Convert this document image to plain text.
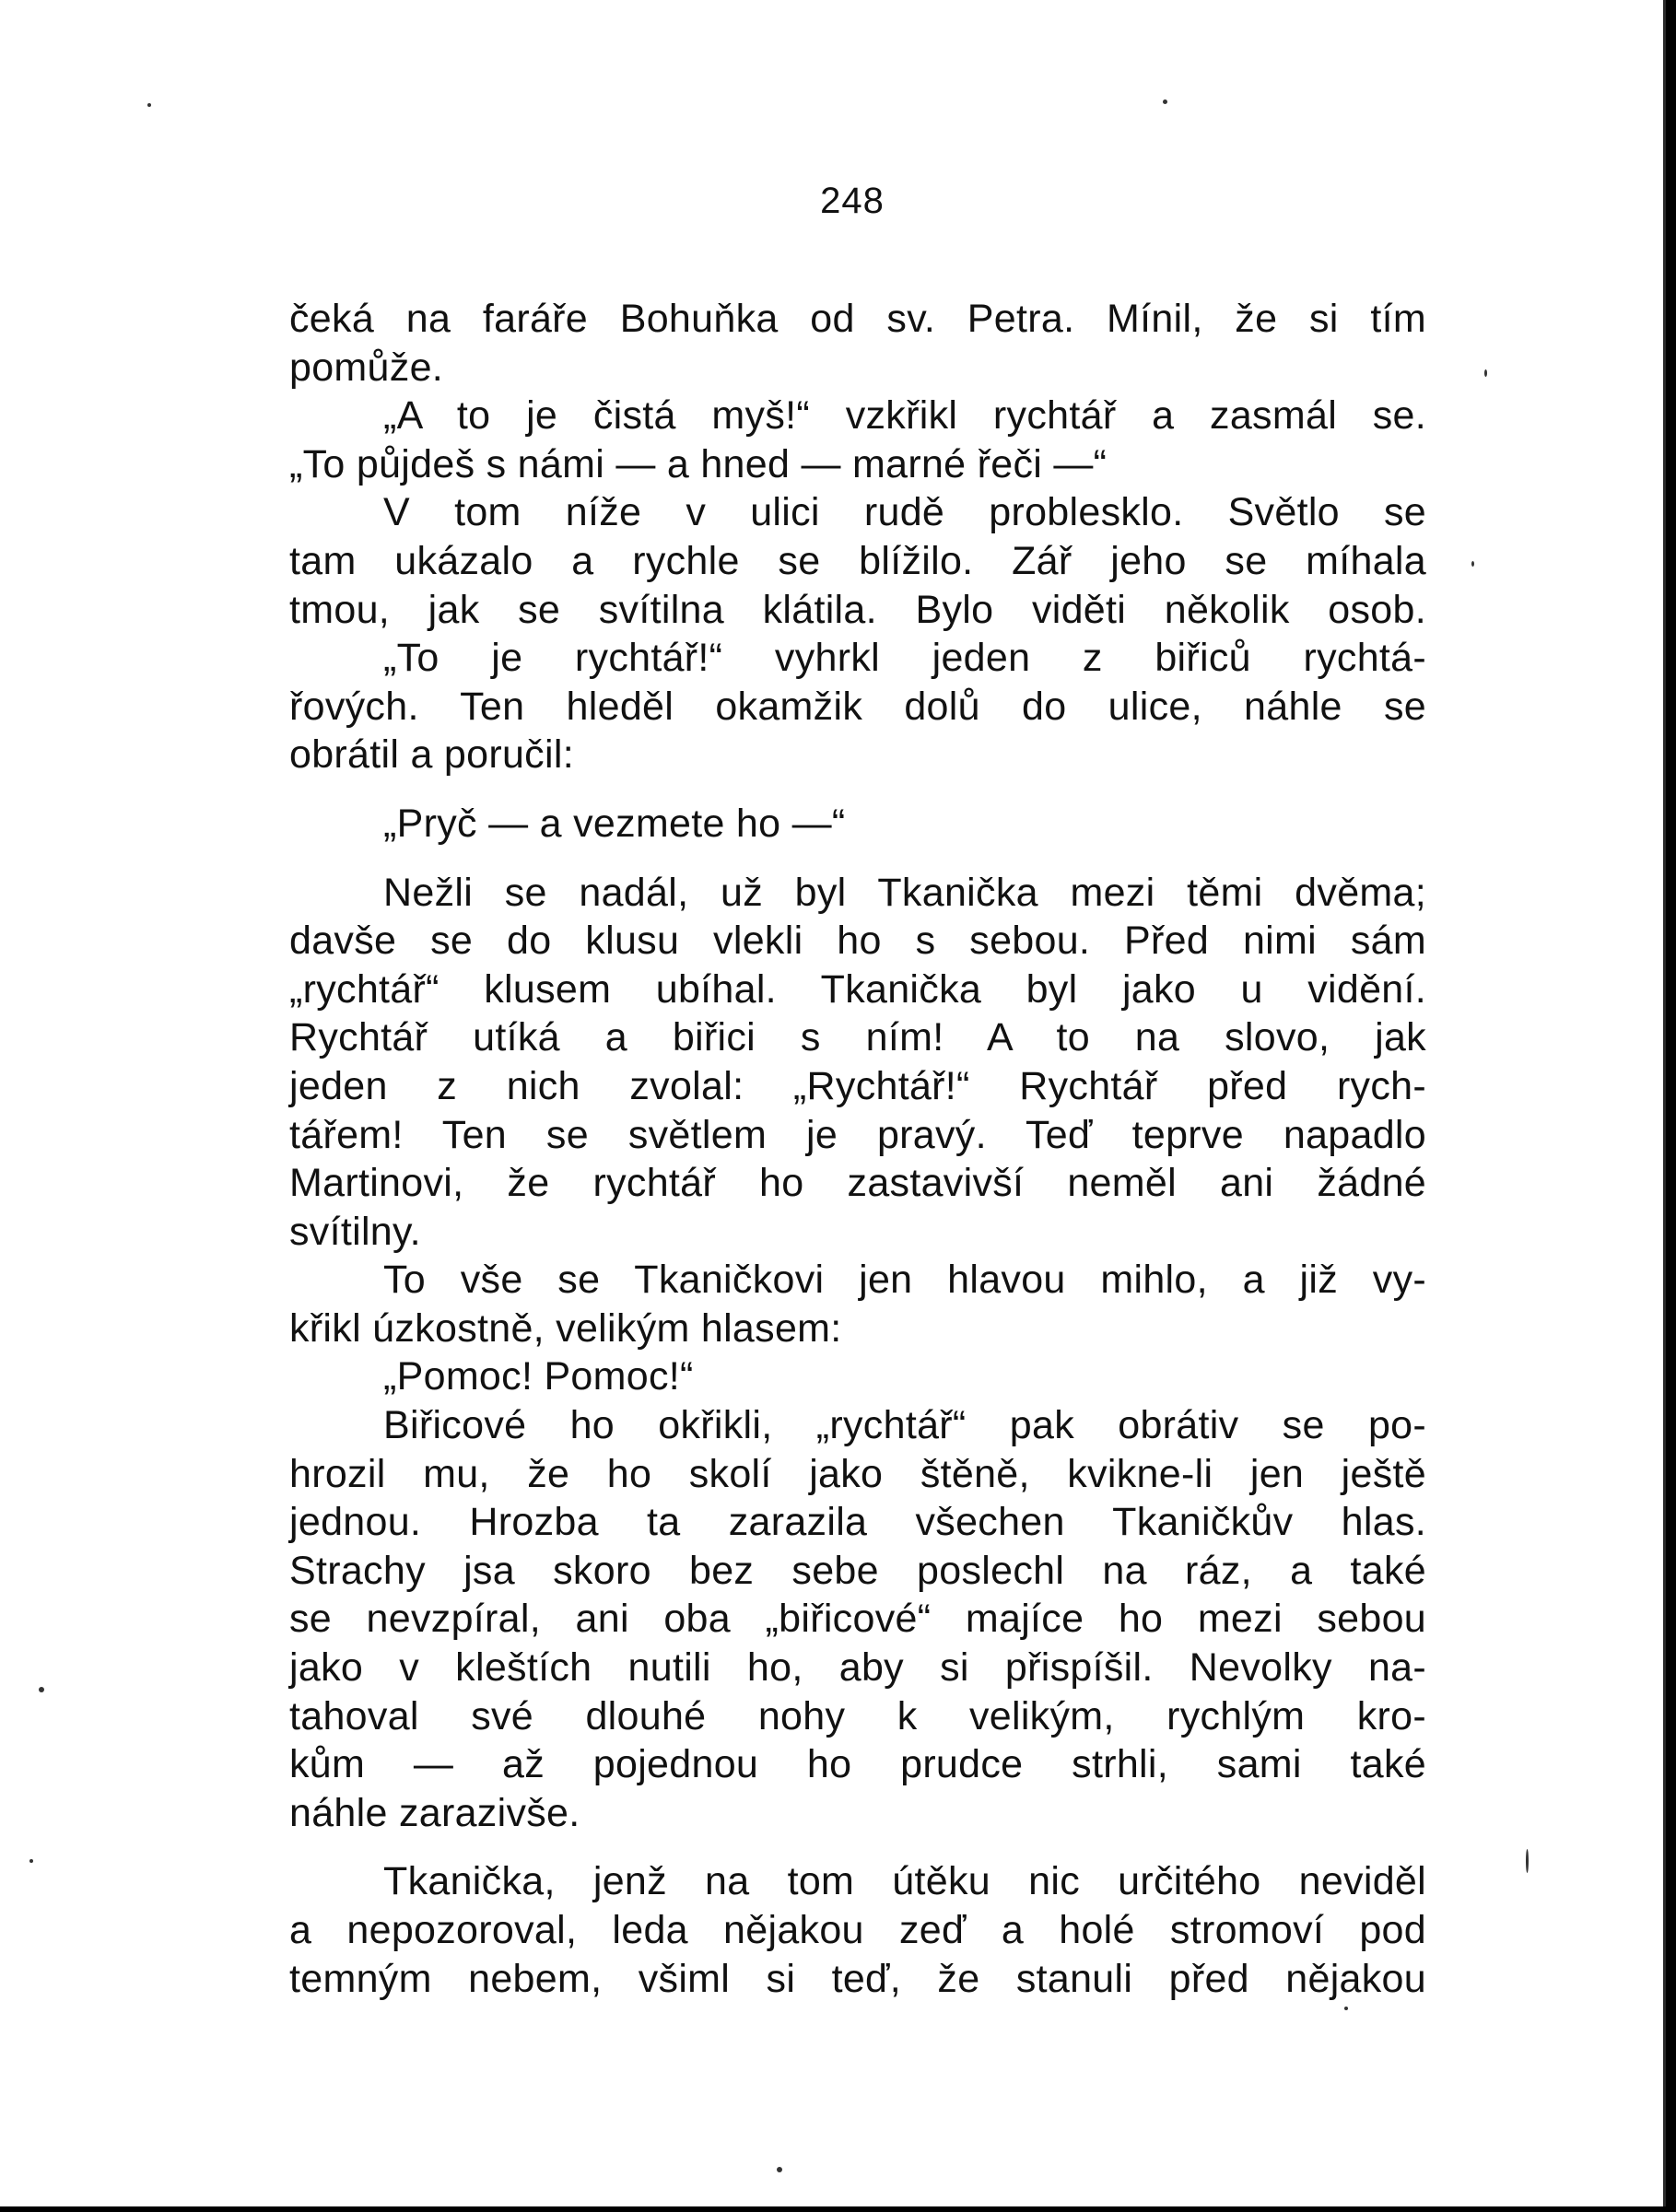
248
čeká na faráře Bohuňka od sv. Petra. Mínil, že si tím
pomůže.
„A to je čistá myš!“ vzkřikl rychtář a zasmál se.
„To půjdeš s námi — a hned — marné řeči —“
V tom níže v ulici rudě problesklo. Světlo se
tam ukázalo a rychle se blížilo. Zář jeho se míhala
tmou, jak se svítilna klátila. Bylo viděti několik osob.
„To je rychtář!“ vyhrkl jeden z biřiců rychtá-
řových. Ten hleděl okamžik dolů do ulice, náhle se
obrátil a poručil:
„Pryč — a vezmete ho —“
Nežli se nadál, už byl Tkanička mezi těmi dvěma;
davše se do klusu vlekli ho s sebou. Před nimi sám
„rychtář“ klusem ubíhal. Tkanička byl jako u vidění.
Rychtář utíká a biřici s ním! A to na slovo, jak
jeden z nich zvolal: „Rychtář!“ Rychtář před rych-
tářem! Ten se světlem je pravý. Teď teprve napadlo
Martinovi, že rychtář ho zastavivší neměl ani žádné
svítilny.
To vše se Tkaničkovi jen hlavou mihlo, a již vy-
křikl úzkostně, velikým hlasem:
„Pomoc! Pomoc!“
Biřicové ho okřikli, „rychtář“ pak obrátiv se po-
hrozil mu, že ho skolí jako štěně, kvikne-li jen ještě
jednou. Hrozba ta zarazila všechen Tkaničkův hlas.
Strachy jsa skoro bez sebe poslechl na ráz, a také
se nevzpíral, ani oba „biřicové“ majíce ho mezi sebou
jako v kleštích nutili ho, aby si přispíšil. Nevolky na-
tahoval své dlouhé nohy k velikým, rychlým kro-
kům — až pojednou ho prudce strhli, sami také
náhle zarazivše.
Tkanička, jenž na tom útěku nic určitého neviděl
a nepozoroval, leda nějakou zeď a holé stromoví pod
temným nebem, všiml si teď, že stanuli před nějakou
